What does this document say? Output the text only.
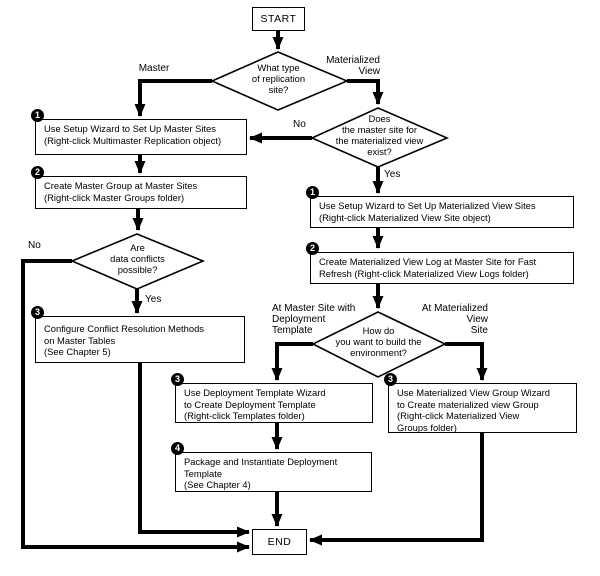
START
END
What type
of replication
site?
Does
the master site for
the materialized view
exist?
Are
data conflicts
possible?
How do
you want to build the
environment?
Master
Materialized
View
No
Yes
No
Yes
At Master Site with
Deployment
Template
At Materialized
View
Site
1
Use Setup Wizard to Set Up Master Sites
(Right-click Multimaster Replication object)
2
Create Master Group at Master Sites
(Right-click Master Groups folder)
3
Configure Conflict Resolution Methods
on Master Tables
(See Chapter 5)
1
Use Setup Wizard to Set Up Materialized View Sites
(Right-click Materialized View Site object)
2
Create Materialized View Log at Master Site for Fast
Refresh (Right-click Materialized View Logs folder)
3
Use Deployment Template Wizard
to Create Deployment Template
(Right-click Templates folder)
3
Use Materialized View Group Wizard
to Create materialized view Group
(Right-click Materialized View
Groups folder)
4
Package and Instantiate Deployment
Template
(See Chapter 4)
